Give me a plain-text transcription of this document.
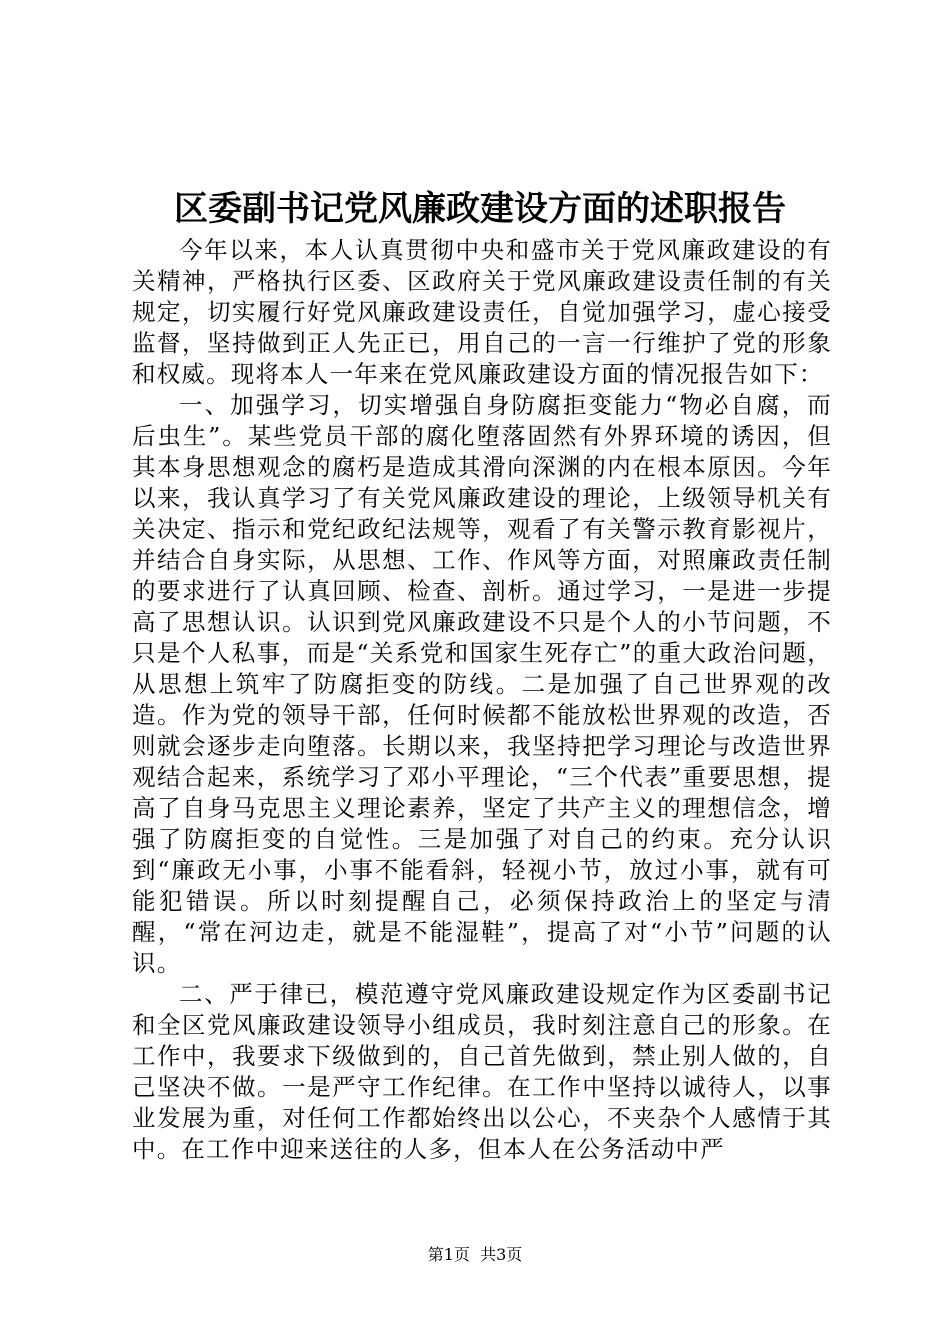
区委副书记党风廉政建设方面的述职报告

今年以来，本人认真贯彻中央和盛市关于党风廉政建设的有关精神，严格执行区委、区政府关于党风廉政建设责任制的有关规定，切实履行好党风廉政建设责任，自觉加强学习，虚心接受监督，坚持做到正人先正已，用自己的一言一行维护了党的形象和权威。现将本人一年来在党风廉政建设方面的情况报告如下：

一、加强学习，切实增强自身防腐拒变能力“物必自腐，而后虫生”。某些党员干部的腐化堕落固然有外界环境的诱因，但其本身思想观念的腐朽是造成其滑向深渊的内在根本原因。今年以来，我认真学习了有关党风廉政建设的理论，上级领导机关有关决定、指示和党纪政纪法规等，观看了有关警示教育影视片，并结合自身实际，从思想、工作、作风等方面，对照廉政责任制的要求进行了认真回顾、检查、剖析。通过学习，一是进一步提高了思想认识。认识到党风廉政建设不只是个人的小节问题，不只是个人私事，而是“关系党和国家生死存亡”的重大政治问题，从思想上筑牢了防腐拒变的防线。二是加强了自己世界观的改造。作为党的领导干部，任何时候都不能放松世界观的改造，否则就会逐步走向堕落。长期以来，我坚持把学习理论与改造世界观结合起来，系统学习了邓小平理论，“三个代表”重要思想，提高了自身马克思主义理论素养，坚定了共产主义的理想信念，增强了防腐拒变的自觉性。三是加强了对自己的约束。充分认识到“廉政无小事，小事不能看斜，轻视小节，放过小事，就有可能犯错误。所以时刻提醒自己，必须保持政治上的坚定与清醒，“常在河边走，就是不能湿鞋”，提高了对“小节”问题的认识。

二、严于律已，模范遵守党风廉政建设规定作为区委副书记和全区党风廉政建设领导小组成员，我时刻注意自己的形象。在工作中，我要求下级做到的，自己首先做到，禁止别人做的，自己坚决不做。一是严守工作纪律。在工作中坚持以诚待人，以事业发展为重，对任何工作都始终出以公心，不夹杂个人感情于其中。在工作中迎来送往的人多，但本人在公务活动中严

第1页  共3页
